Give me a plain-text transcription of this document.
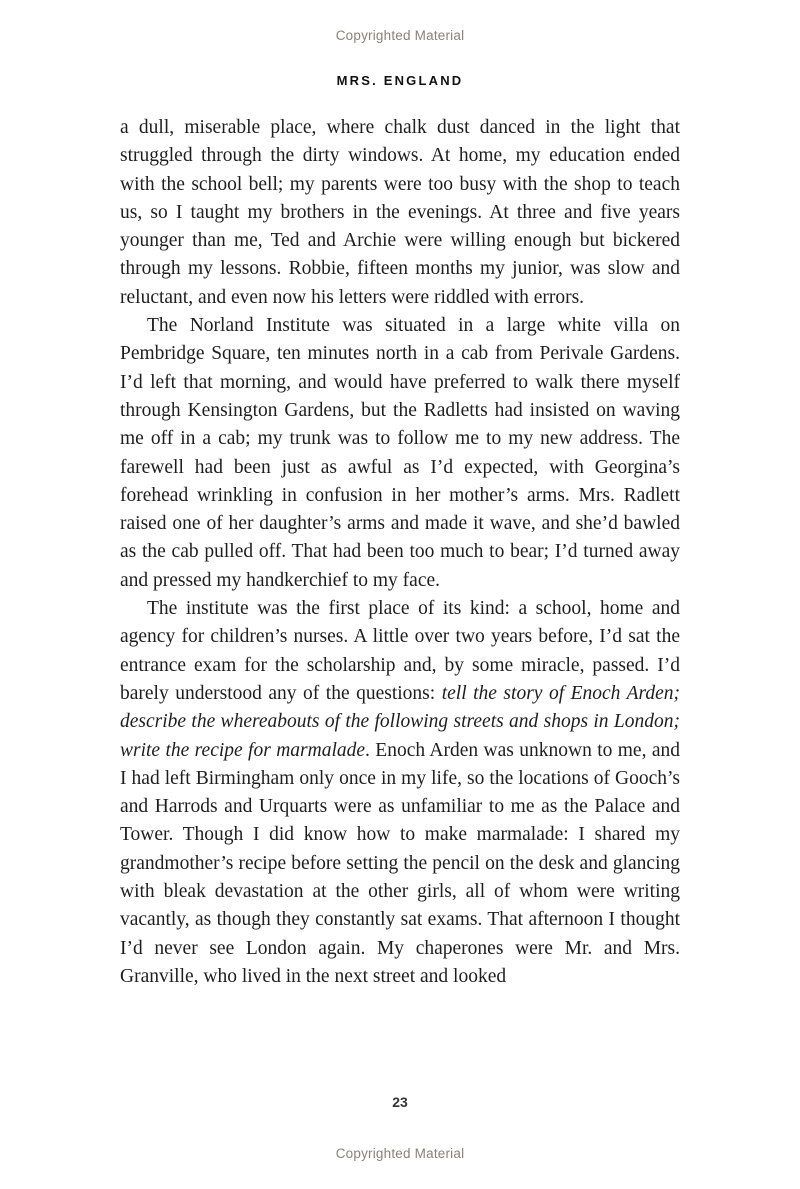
Copyrighted Material
MRS. ENGLAND

a dull, miserable place, where chalk dust danced in the light that struggled through the dirty windows. At home, my education ended with the school bell; my parents were too busy with the shop to teach us, so I taught my brothers in the evenings. At three and five years younger than me, Ted and Archie were willing enough but bickered through my lessons. Robbie, fifteen months my junior, was slow and reluctant, and even now his letters were riddled with errors.

The Norland Institute was situated in a large white villa on Pembridge Square, ten minutes north in a cab from Perivale Gardens. I’d left that morning, and would have preferred to walk there myself through Kensington Gardens, but the Radletts had insisted on waving me off in a cab; my trunk was to follow me to my new address. The farewell had been just as awful as I’d expected, with Georgina’s forehead wrinkling in confusion in her mother’s arms. Mrs. Radlett raised one of her daughter’s arms and made it wave, and she’d bawled as the cab pulled off. That had been too much to bear; I’d turned away and pressed my handkerchief to my face.

The institute was the first place of its kind: a school, home and agency for children’s nurses. A little over two years before, I’d sat the entrance exam for the scholarship and, by some miracle, passed. I’d barely understood any of the questions: tell the story of Enoch Arden; describe the whereabouts of the following streets and shops in London; write the recipe for marmalade. Enoch Arden was unknown to me, and I had left Birmingham only once in my life, so the locations of Gooch’s and Harrods and Urquarts were as unfamiliar to me as the Palace and Tower. Though I did know how to make marmalade: I shared my grandmother’s recipe before setting the pencil on the desk and glancing with bleak devastation at the other girls, all of whom were writing vacantly, as though they constantly sat exams. That afternoon I thought I’d never see London again. My chaperones were Mr. and Mrs. Granville, who lived in the next street and looked

23
Copyrighted Material
